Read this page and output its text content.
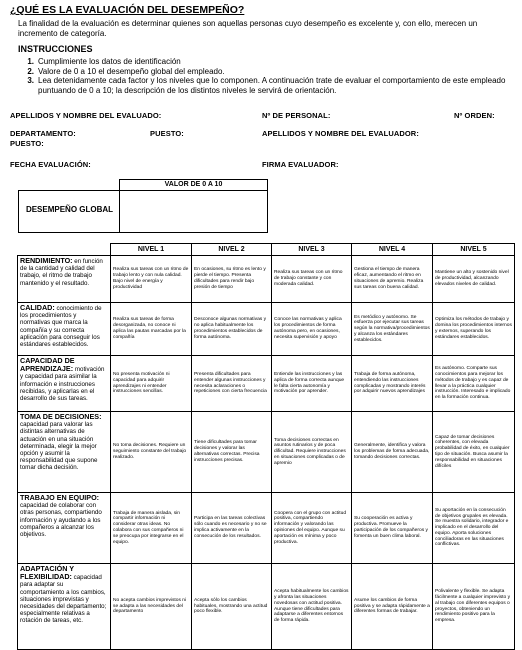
¿QUÉ ES LA EVALUACIÓN DEL DESEMPEÑO?
La finalidad de la evaluación es determinar quienes son aquellas personas cuyo desempeño es excelente y, con ello, merecen un incremento de categoría.
INSTRUCCIONES
1. Cumplimiente los datos de identificación
2. Valore de 0 a 10 el desempeño global del empleado.
3. Lea detenidamente cada factor y los niveles que lo componen. A continuación trate de evaluar el comportamiento de este empleado puntuando de 0 a 10; la descripción de los distintos niveles le servirá de orientación.
APELLIDOS Y NOMBRE DEL EVALUADO:	Nº DE PERSONAL:	Nº ORDEN:
DEPARTAMENTO:	PUESTO:	APELLIDOS Y NOMBRE DEL EVALUADOR:
PUESTO:
FECHA EVALUACIÓN:	FIRMA EVALUADOR:
VALOR DE 0 A 10
DESEMPEÑO GLOBAL
	NIVEL 1	NIVEL 2	NIVEL 3	NIVEL 4	NIVEL 5
RENDIMIENTO: en función de la cantidad y calidad del trabajo, el ritmo de trabajo mantenido y el resultado.	Realiza sus tareas con un ritmo de trabajo lento y con nula calidad. Bajo nivel de energía y productividad	En ocasiones, su ritmo es lento y pierde el tiempo. Presenta dificultades para rendir bajo presión de tiempo	Realiza sus tareas con un ritmo de trabajo constante y con moderada calidad.	Gestiona el tiempo de manera eficaz, aumentando el ritmo en situaciones de apremio. Realiza sus tareas con buena calidad.	Mantiene un alto y sostenido nivel de productividad, alcanzando elevados niveles de calidad.
CALIDAD: conocimiento de los procedimientos y normativas que marca la compañía y su correcta aplicación para conseguir los estándares establecidos.	Realiza sus tareas de forma desorganizada, no conoce ni aplica las pautas marcadas por la compañía	Desconoce algunas normativas y no aplica habitualmente los procedimientos establecidos de forma autónoma.	Conoce las normativas y aplica los procedimientos de forma autónoma pero, en ocasiones, necesita supervisión y apoyo	Es metódico y autónomo. Se esfuerza por ejecutar sus tareas según la normativa/procedimientos y alcanza los estándares establecidos.	Optimiza los métodos de trabajo y domina los procedimientos internos y externos, superando los estándares establecidos.
CAPACIDAD DE APRENDIZAJE: motivación y capacidad para asimilar la información e instrucciones recibidas, y aplicarlas en el desarrollo de sus tareas.	No presenta motivación ni capacidad para adquirir aprendizajes ni entender instrucciones sencillas.	Presenta dificultades para entender algunas instrucciones y necesita aclaraciones o repeticiones con cierta frecuencia	Entiende las instrucciones y las aplica de forma correcta aunque le falta cierta autonomía y motivación por aprender.	Trabaja de forma autónoma, entendiendo las instrucciones complicadas y mostrando interés por adquirir nuevos aprendizajes	Es autónomo. Comparte sus conocimientos para mejorar los métodos de trabajo y es capaz de llevar a la práctica cualquier instrucción. Interesado e implicado en la formación continua.
TOMA DE DECISIONES: capacidad para valorar las distintas alternativas de actuación en una situación determinada, elegir la mejor opción y asumir la responsabilidad que supone tomar dicha decisión.	No toma decisiones. Requiere un seguimiento constante del trabajo realizado.	Tiene dificultades para tomar decisiones y valorar las alternativas correctas. Precisa instrucciones precisas.	Toma decisiones correctas en asuntos rutinarios y de poca dificultad. Requiere instrucciones en situaciones complicadas o de apremio	Generalmente, identifica y valora los problemas de forma adecuada, tomando decisiones correctas.	Capaz de tomar decisiones coherentes, con elevada probabilidad de éxito, en cualquier tipo de situación. Busca asumir la responsabilidad en situaciones difíciles
TRABAJO EN EQUIPO: capacidad de colaborar con otras personas, compartiendo información y ayudando a los compañeros a alcanzar los objetivos.	Trabaja de manera aislada, sin compartir información ni considerar otras ideas. No colabora con sus compañeros ni se preocupa por integrarse en el equipo.	Participa en las tareas colectivas sólo cuando es necesario y no se implica activamente en la consecución de los resultados.	Coopera con el grupo con actitud positiva, compartiendo información y valorando las opiniones del equipo. Aunque su aportación es mínima y poco productiva.	Su cooperación es activa y productiva. Promueve la participación de los compañeros y fomenta un buen clima laboral.	Su aportación en la consecución de objetivos grupales es elevada. Se muestra solidario, integrador e implicado en el desarrollo del equipo. Aporta soluciones conciliadoras en las situaciones conflictivas.
ADAPTACIÓN Y FLEXIBILIDAD: capacidad para adaptar su comportamiento a los cambios, situaciones imprevistas y necesidades del departamento; especialmente relativas a rotación de tareas, etc.	No acepta cambios imprevistos ni se adapta a las necesidades del departamento	Acepta sólo los cambios habituales, mostrando una actitud poco flexible.	Acepta habitualmente los cambios y afronta las situaciones novedosas con actitud positiva. Aunque tiene dificultades para adaptarse a diferentes entornos de forma rápida.	Asume los cambios de forma positiva y se adapta rápidamente a diferentes formas de trabajar.	Polivalente y flexible. Se adapta fácilmente a cualquier imprevisto y al trabajo con diferentes equipos o proyectos, obteniendo un rendimiento positivo para la empresa.
